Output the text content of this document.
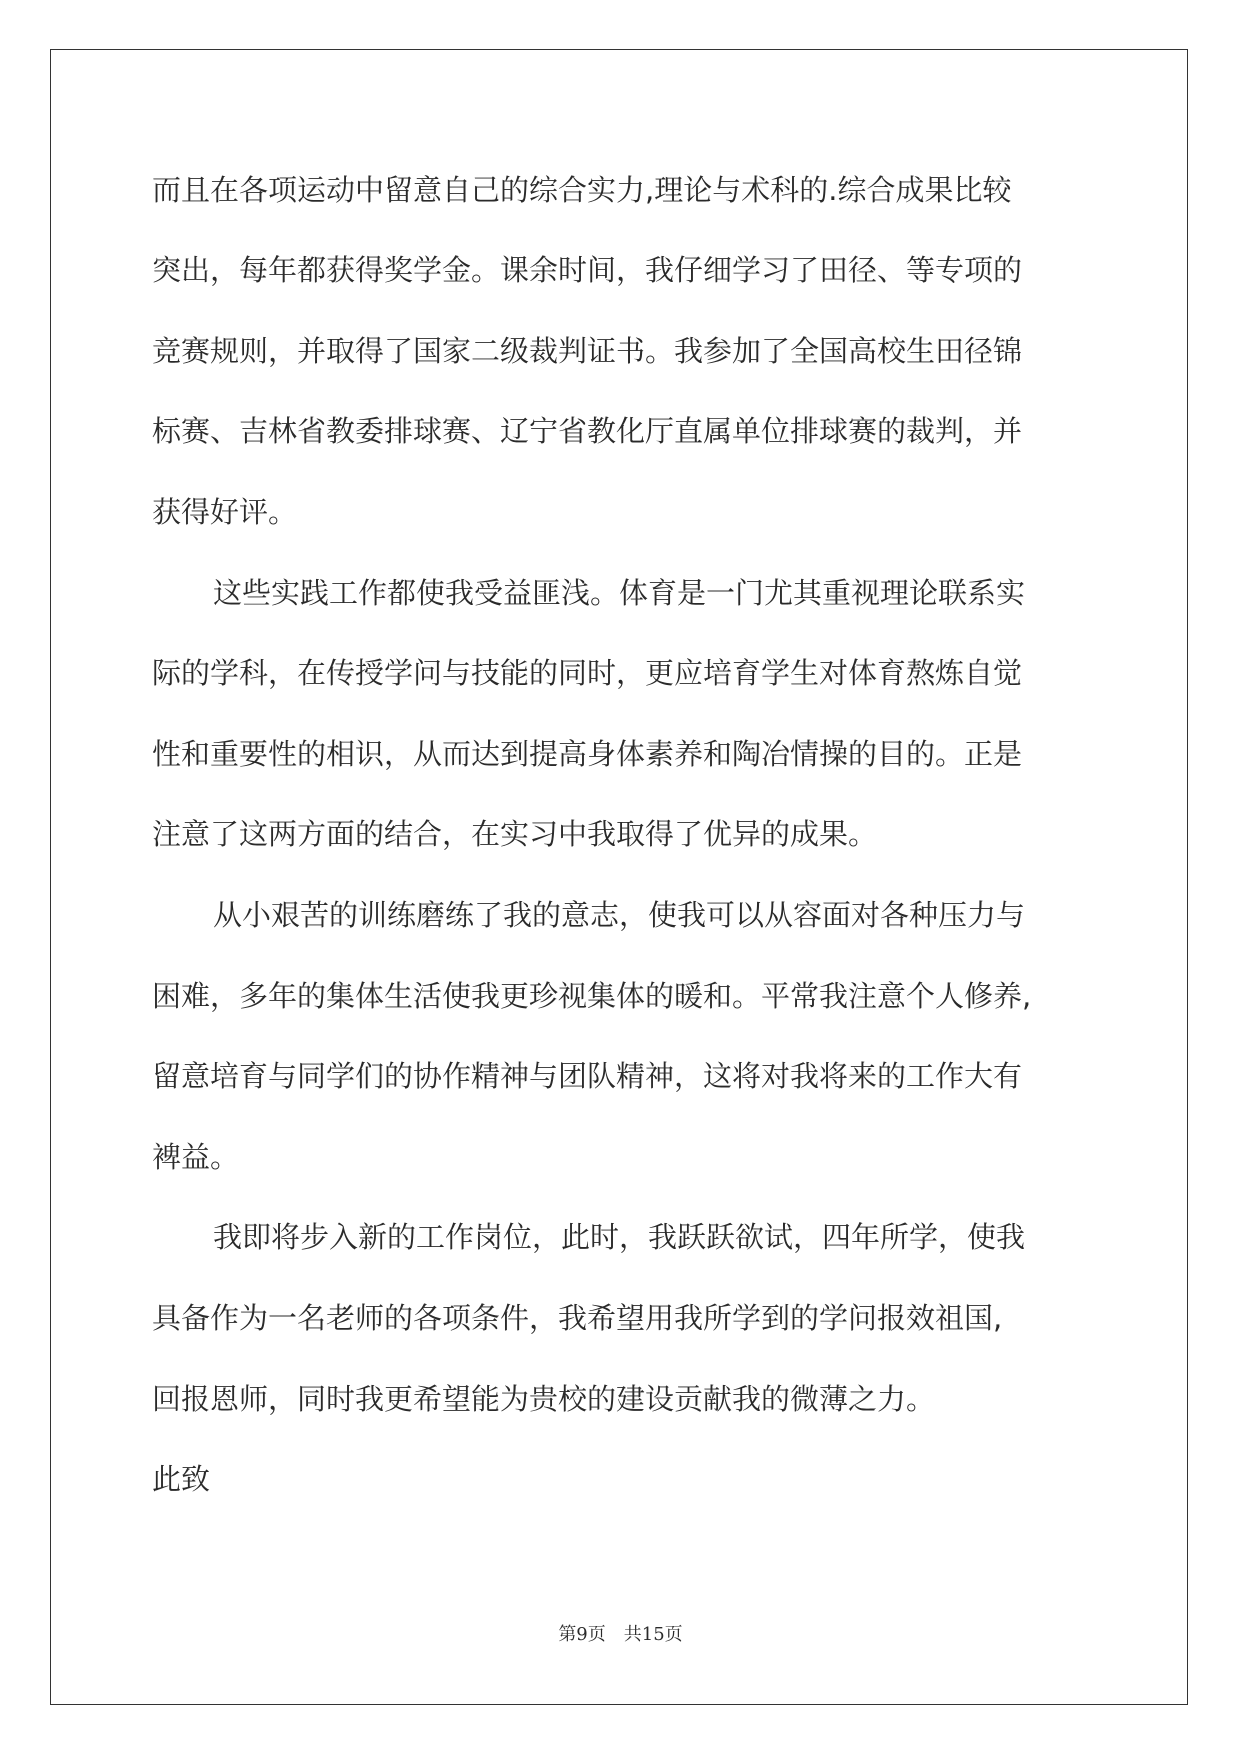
而且在各项运动中留意自己的综合实力,理论与术科的.综合成果比较

突出，每年都获得奖学金。课余时间，我仔细学习了田径、等专项的

竞赛规则，并取得了国家二级裁判证书。我参加了全国高校生田径锦

标赛、吉林省教委排球赛、辽宁省教化厅直属单位排球赛的裁判，并

获得好评。

这些实践工作都使我受益匪浅。体育是一门尤其重视理论联系实

际的学科，在传授学问与技能的同时，更应培育学生对体育熬炼自觉

性和重要性的相识，从而达到提高身体素养和陶冶情操的目的。正是

注意了这两方面的结合，在实习中我取得了优异的成果。

从小艰苦的训练磨练了我的意志，使我可以从容面对各种压力与

困难，多年的集体生活使我更珍视集体的暖和。平常我注意个人修养,

留意培育与同学们的协作精神与团队精神，这将对我将来的工作大有

裨益。

我即将步入新的工作岗位，此时，我跃跃欲试，四年所学，使我

具备作为一名老师的各项条件，我希望用我所学到的学问报效祖国,

回报恩师，同时我更希望能为贵校的建设贡献我的微薄之力。

此致

第9页 共15页
